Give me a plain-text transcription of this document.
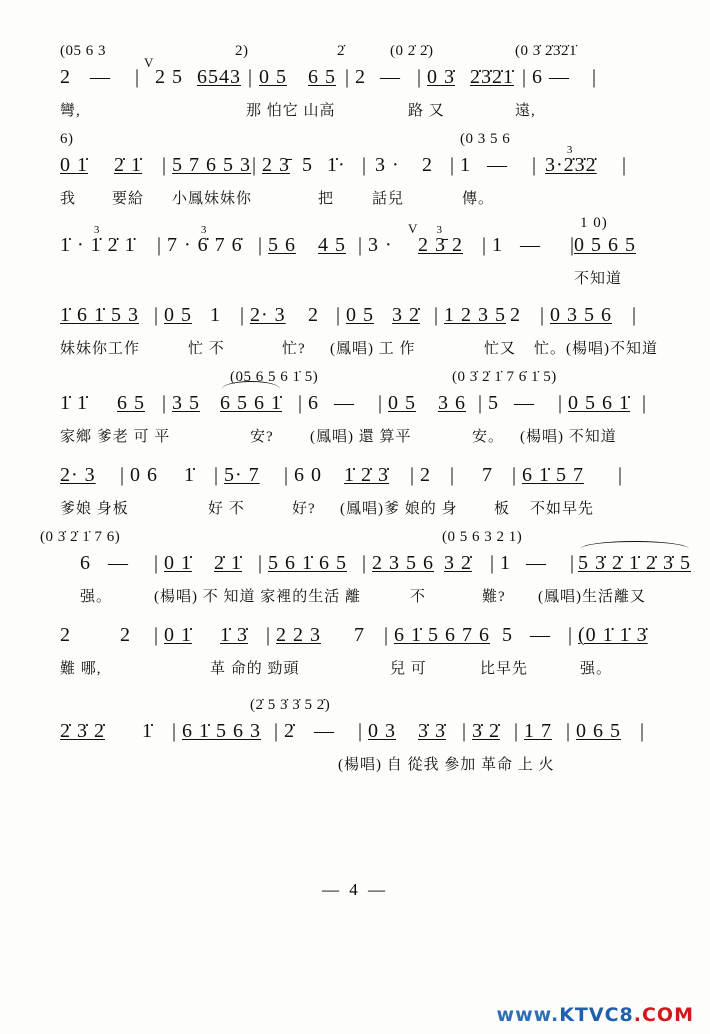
(05 6 3	2)	2̇	(0 2̇ 2̇)	(0 3̇ 2̇3̇2̇1̇
2 — |
V
2 5 6543 | 0 5 6 5 | 2 — | 0 3̇ 2̇3̇2̇1̇ | 6 — |
彎,	那 怕它 山高	路 又	遠,
6)	(0 3 5 6
0 1̇ 2̇ 1̇ | 5 7 6 5 3 | 2 3̄ 5 1̇· | 3 · 2 | 1 — | 3 3·2̇3̇2̇ |
我 要給 小鳳妹妹你	把	話兒	傳。
3 1̇ · 1̇ 2̇ 1̇ | 3 7 · 6̇ 7 6̇ | 5 6 4 5 | 3 ·
V
3 2 3̄ 2 | 1 — |
1 0)
0 5 6 5
不知道
1̇ 6 1̇ 5 3 | 0 5 1 | 2· 3 2 | 0 5 3 2̇ | 1 2 3 5 2 | 0 3 5 6 |
妹妹你工作	忙 不	忙? (鳳唱) 工 作	忙又 忙。(楊唱)不知道
(05 6 5 6 1̇ 5)	(0 3̇ 2̇ 1̇ 7 6̇ 1̇ 5)
1̇ 1̇ 6 5 | 3 5 6 5 6 1̇ | 6 — | 0 5 3 6 | 5 — | 0 5 6 1̇ |
家鄉 爹老 可 平	安? (鳳唱) 還 算平	安。 (楊唱) 不知道
2· 3 | 0 6 1̇ | 5· 7 | 6 0 1̇ 2̇ 3̇ | 2 | 7 | 6 1̇ 5 7 |
爹娘 身板	好 不	好? (鳳唱)爹 娘的 身 板 不如早先
(0 3̇ 2̇ 1̇ 7 6)	(0 5 6 3 2 1)
6 — | 0 1̇ 2̇ 1̇ | 5 6 1̇ 6 5 | 2 3 5 6 3 2̇ | 1 — | 5 3̇ 2̇ 1̇ 2̇ 3̇ 5
强。	(楊唱) 不 知道 家裡的生活 離	不	難? (鳳唱)生活離又
2 2 | 0 1̇ 1̇ 3̇ | 2 2 3 7 | 6 1̇ 5 6 7 6 5 — | (0 1̇ 1̇ 3̇
難 哪,	革 命的 勁頭	兒 可	比早先	强。
(2̇ 5 3̇ 3̇ 5 2̇)
2̇ 3̇ 2̇ 1̇ | 6 1̇ 5 6 3 | 2̇ — | 0 3 3̇ 3̇ | 3̇ 2̇ | 1 7 | 0 6 5 |
(楊唱) 自 從我 參加 革命 上 火
— 4 —
www.KTVC8.COM
